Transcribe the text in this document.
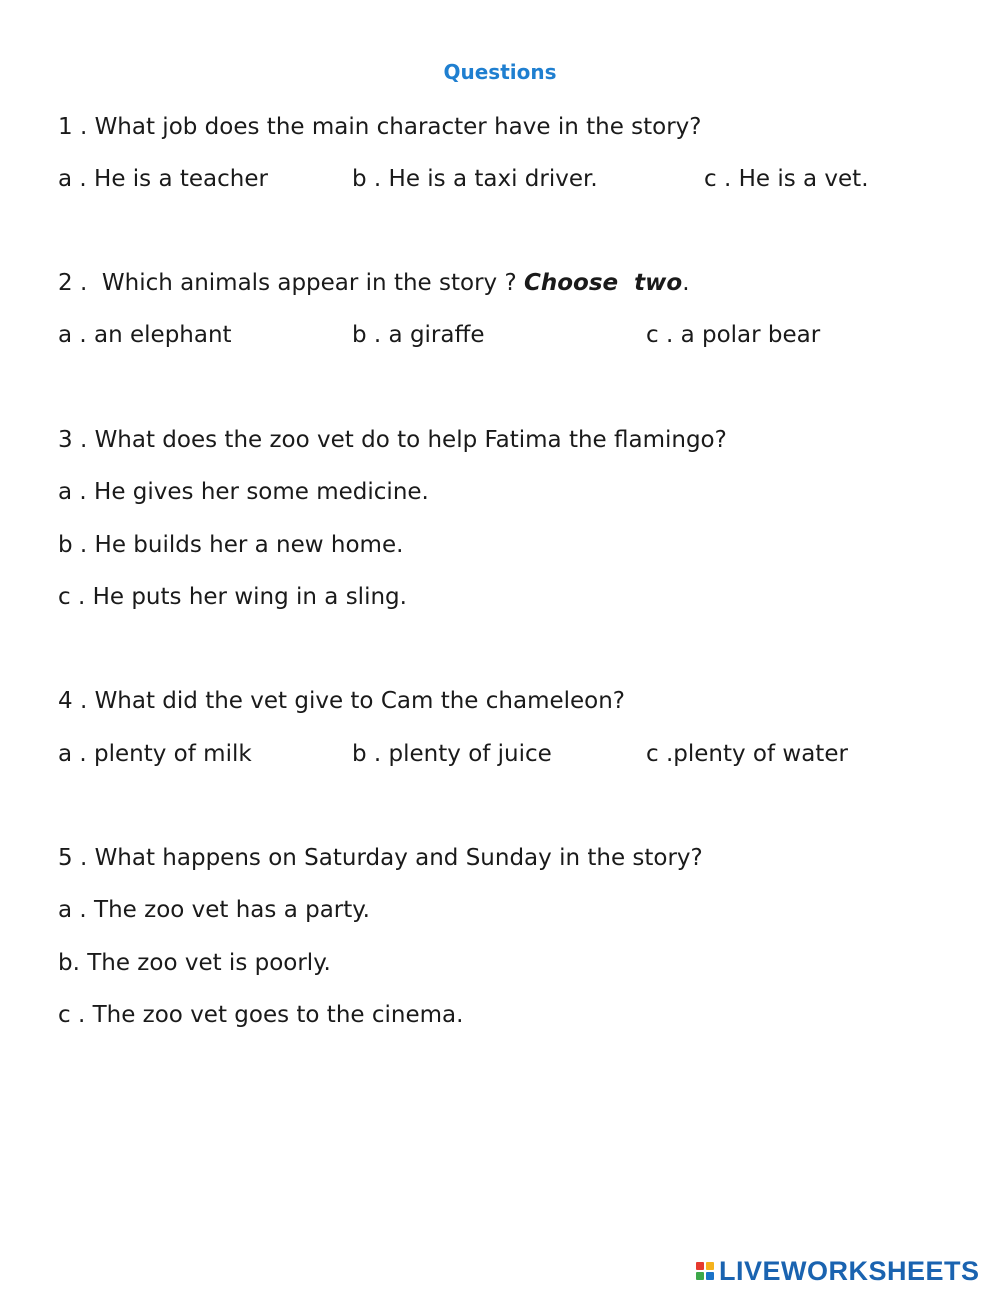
Questions
1 . What job does the main character have in the story?
a . He is a teacher	b . He is a taxi driver.	c . He is a vet.
2 .  Which animals appear in the story ? Choose  two.
a . an elephant	b . a giraffe	c . a polar bear
3 . What does the zoo vet do to help Fatima the flamingo?
a . He gives her some medicine.
b . He builds her a new home.
c . He puts her wing in a sling.
4 . What did the vet give to Cam the chameleon?
a . plenty of milk	b . plenty of juice	c .plenty of water
5 . What happens on Saturday and Sunday in the story?
a . The zoo vet has a party.
b. The zoo vet is poorly.
c . The zoo vet goes to the cinema.
LIVEWORKSHEETS
